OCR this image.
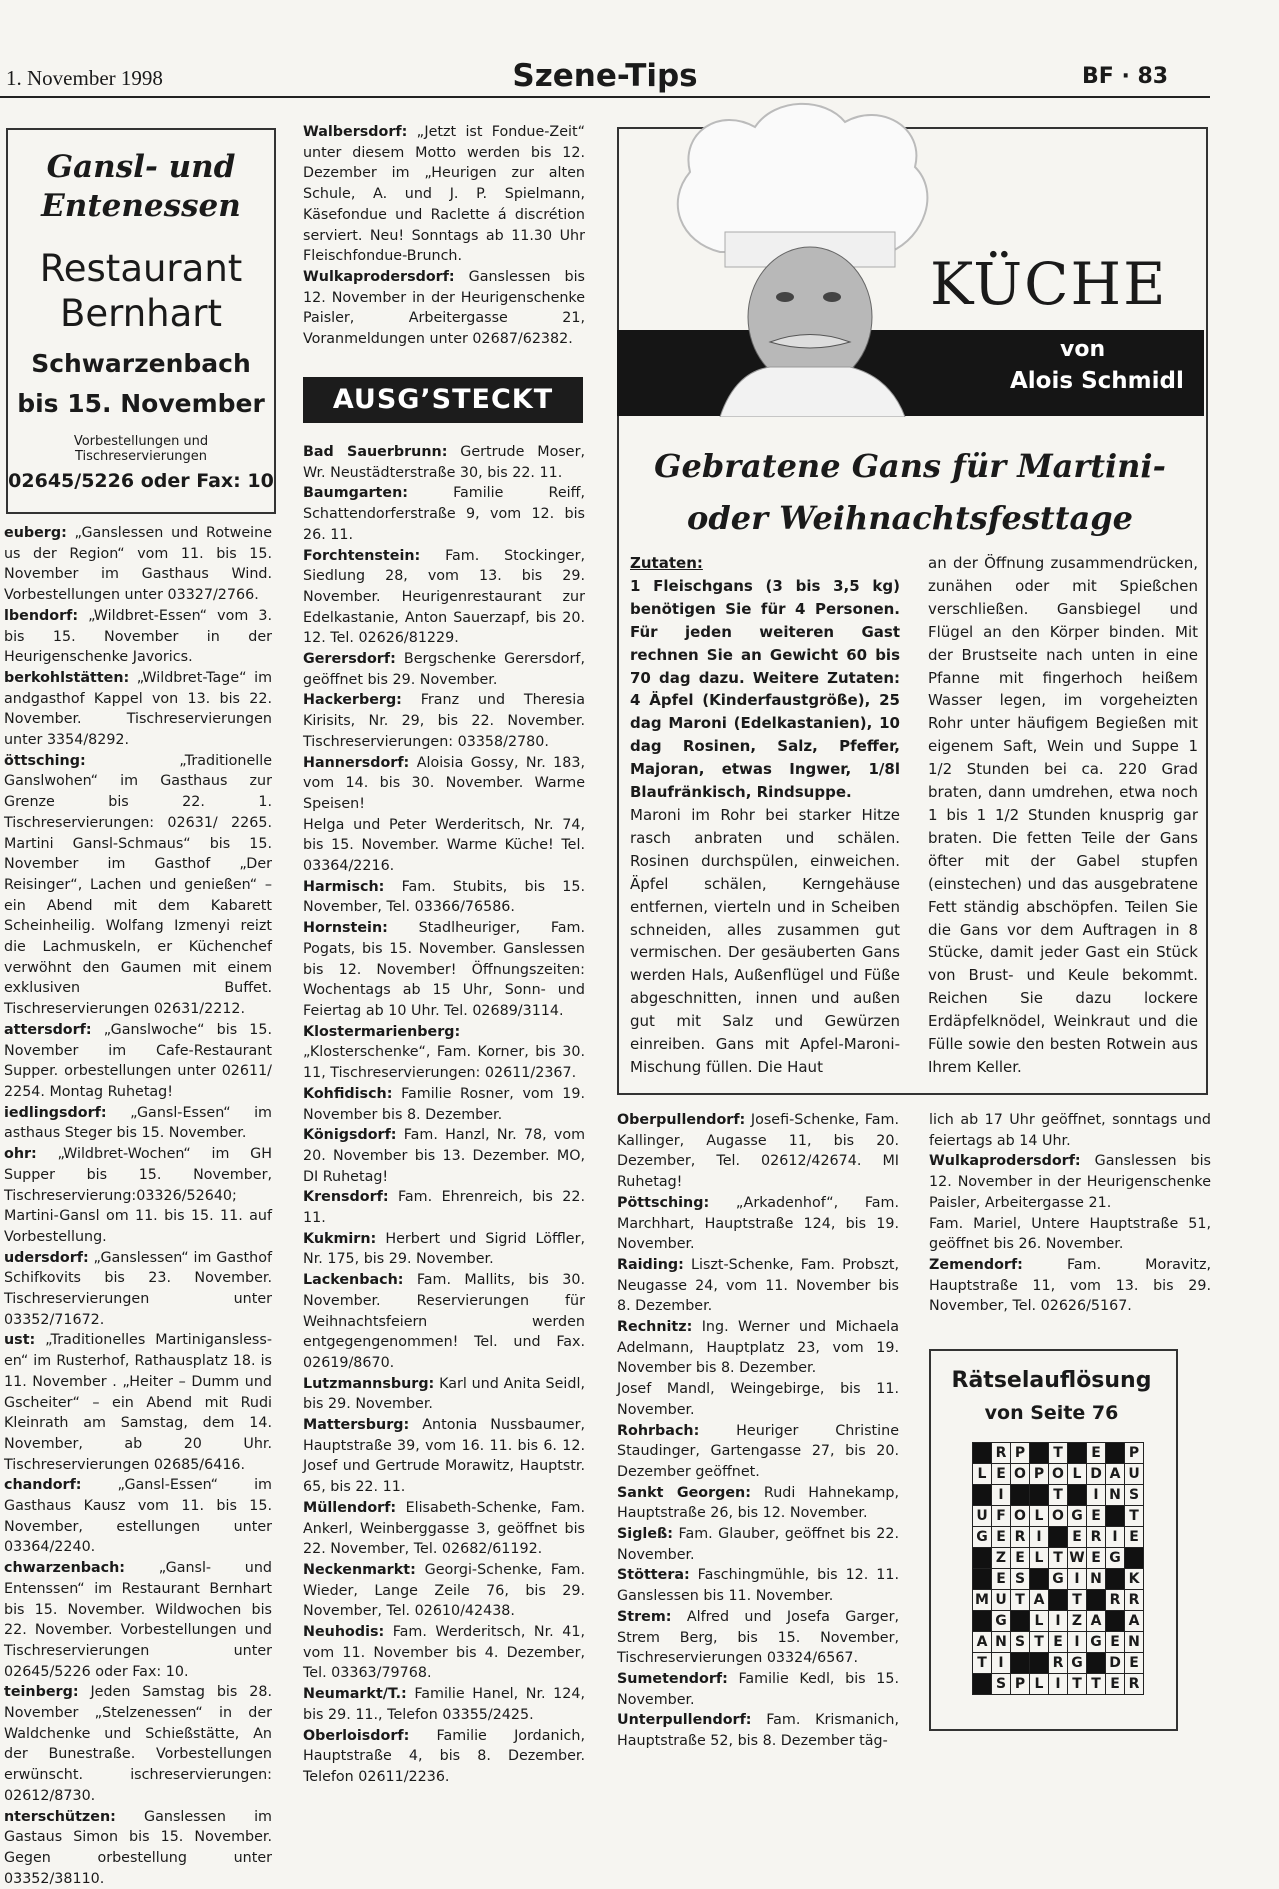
1. November 1998	Szene-Tips	BF · 83
Gansl- und
Entenessen
Restaurant
Bernhart
Schwarzenbach
bis 15. November
Vorbestellungen und Tischreservierungen
02645/5226 oder Fax: 10

euberg: „Ganslessen und Rotweine us der Region“ vom 11. bis 15. November im Gasthaus Wind. Vorbestellungen unter 03327/2766.

lbendorf: „Wildbret-Essen“ vom 3. bis 15. November in der Heurigenschenke Javorics.

berkohlstätten: „Wildbret-Tage“ im andgasthof Kappel von 13. bis 22. November. Tischreservierungen unter 3354/8292.

öttsching: „Traditionelle Ganslwohen“ im Gasthaus zur Grenze bis 22. 1. Tischreservierungen: 02631/ 2265. Martini Gansl-Schmaus“ bis 15. November im Gasthof „Der Reisinger“, Lachen und genießen“ – ein Abend mit dem Kabarett Scheinheilig. Wolfang Izmenyi reizt die Lachmuskeln, er Küchenchef verwöhnt den Gaumen mit einem exklusiven Buffet. Tischreservierungen 02631/2212.

attersdorf: „Ganslwoche“ bis 15. November im Cafe-Restaurant Supper. orbestellungen unter 02611/ 2254. Montag Ruhetag!

iedlingsdorf: „Gansl-Essen“ im asthaus Steger bis 15. November.

ohr: „Wildbret-Wochen“ im GH Supper bis 15. November, Tischreservierung:03326/52640; Martini-Gansl om 11. bis 15. 11. auf Vorbestellung.

udersdorf: „Ganslessen“ im Gasthof Schifkovits bis 23. November. Tischreservierungen unter 03352/71672.

ust: „Traditionelles Martinigansless-en“ im Rusterhof, Rathausplatz 18. is 11. November . „Heiter – Dumm und Gscheiter“ – ein Abend mit Rudi Kleinrath am Samstag, dem 14. November, ab 20 Uhr. Tischreservierungen 02685/6416.

chandorf: „Gansl-Essen“ im Gasthaus Kausz vom 11. bis 15. November, estellungen unter 03364/2240.

chwarzenbach: „Gansl- und Entenssen“ im Restaurant Bernhart bis 15. November. Wildwochen bis 22. November. Vorbestellungen und Tischreservierungen unter 02645/5226 oder Fax: 10.

teinberg: Jeden Samstag bis 28. November „Stelzenessen“ in der Waldchenke und Schießstätte, An der Bunestraße. Vorbestellungen erwünscht. ischreservierungen: 02612/8730.

nterschützen: Ganslessen im Gastaus Simon bis 15. November. Gegen orbestellung unter 03352/38110.

Walbersdorf: „Jetzt ist Fondue-Zeit“ unter diesem Motto werden bis 12. Dezember im „Heurigen zur alten Schule, A. und J. P. Spielmann, Käsefondue und Raclette á discrétion serviert. Neu! Sonntags ab 11.30 Uhr Fleischfondue-Brunch.

Wulkaprodersdorf: Ganslessen bis 12. November in der Heurigenschenke Paisler, Arbeitergasse 21, Voranmeldungen unter 02687/62382.

AUSG’STECKT

Bad Sauerbrunn: Gertrude Moser, Wr. Neustädterstraße 30, bis 22. 11.

Baumgarten: Familie Reiff, Schattendorferstraße 9, vom 12. bis 26. 11.

Forchtenstein: Fam. Stockinger, Siedlung 28, vom 13. bis 29. November. Heurigenrestaurant zur Edelkastanie, Anton Sauerzapf, bis 20. 12. Tel. 02626/81229.

Gerersdorf: Bergschenke Gerersdorf, geöffnet bis 29. November.

Hackerberg: Franz und Theresia Kirisits, Nr. 29, bis 22. November. Tischreservierungen: 03358/2780.

Hannersdorf: Aloisia Gossy, Nr. 183, vom 14. bis 30. November. Warme Speisen!

Helga und Peter Werderitsch, Nr. 74, bis 15. November. Warme Küche! Tel. 03364/2216.

Harmisch: Fam. Stubits, bis 15. November, Tel. 03366/76586.

Hornstein: Stadlheuriger, Fam. Pogats, bis 15. November. Ganslessen bis 12. November! Öffnungszeiten: Wochentags ab 15 Uhr, Sonn- und Feiertag ab 10 Uhr. Tel. 02689/3114.

Klostermarienberg: „Klosterschenke“, Fam. Korner, bis 30. 11, Tischreservierungen: 02611/2367.

Kohfidisch: Familie Rosner, vom 19. November bis 8. Dezember.

Königsdorf: Fam. Hanzl, Nr. 78, vom 20. November bis 13. Dezember. MO, DI Ruhetag!

Krensdorf: Fam. Ehrenreich, bis 22. 11.

Kukmirn: Herbert und Sigrid Löffler, Nr. 175, bis 29. November.

Lackenbach: Fam. Mallits, bis 30. November. Reservierungen für Weihnachtsfeiern werden entgegengenommen! Tel. und Fax. 02619/8670.

Lutzmannsburg: Karl und Anita Seidl, bis 29. November.

Mattersburg: Antonia Nussbaumer, Hauptstraße 39, vom 16. 11. bis 6. 12. Josef und Gertrude Morawitz, Hauptstr. 65, bis 22. 11.

Müllendorf: Elisabeth-Schenke, Fam. Ankerl, Weinberggasse 3, geöffnet bis 22. November, Tel. 02682/61192.

Neckenmarkt: Georgi-Schenke, Fam. Wieder, Lange Zeile 76, bis 29. November, Tel. 02610/42438.

Neuhodis: Fam. Werderitsch, Nr. 41, vom 11. November bis 4. Dezember, Tel. 03363/79768.

Neumarkt/T.: Familie Hanel, Nr. 124, bis 29. 11., Telefon 03355/2425.

Oberloisdorf: Familie Jordanich, Hauptstraße 4, bis 8. Dezember. Telefon 02611/2236.

KÜCHE
von
Alois Schmidl
Gebratene Gans für Martini-
oder Weihnachtsfesttage

Zutaten:

1 Fleischgans (3 bis 3,5 kg) benötigen Sie für 4 Personen. Für jeden weiteren Gast rechnen Sie an Gewicht 60 bis 70 dag dazu. Weitere Zutaten: 4 Äpfel (Kinderfaustgröße), 25 dag Maroni (Edelkastanien), 10 dag Rosinen, Salz, Pfeffer, Majoran, etwas Ingwer, 1/8l Blaufränkisch, Rindsuppe.

Maroni im Rohr bei starker Hitze rasch anbraten und schälen. Rosinen durchspülen, einweichen. Äpfel schälen, Kerngehäuse entfernen, vierteln und in Scheiben schneiden, alles zusammen gut vermischen. Der gesäuberten Gans werden Hals, Außenflügel und Füße abgeschnitten, innen und außen gut mit Salz und Gewürzen einreiben. Gans mit Apfel-Maroni-Mischung füllen. Die Haut

an der Öffnung zusammendrücken, zunähen oder mit Spießchen verschließen. Gansbiegel und Flügel an den Körper binden. Mit der Brustseite nach unten in eine Pfanne mit fingerhoch heißem Wasser legen, im vorgeheizten Rohr unter häufigem Begießen mit eigenem Saft, Wein und Suppe 1 1/2 Stunden bei ca. 220 Grad braten, dann umdrehen, etwa noch 1 bis 1 1/2 Stunden knusprig gar braten. Die fetten Teile der Gans öfter mit der Gabel stupfen (einstechen) und das ausgebratene Fett ständig abschöpfen. Teilen Sie die Gans vor dem Auftragen in 8 Stücke, damit jeder Gast ein Stück von Brust- und Keule bekommt. Reichen Sie dazu lockere Erdäpfelknödel, Weinkraut und die Fülle sowie den besten Rotwein aus Ihrem Keller.

Oberpullendorf: Josefi-Schenke, Fam. Kallinger, Augasse 11, bis 20. Dezember, Tel. 02612/42674. MI Ruhetag!

Pöttsching: „Arkadenhof“, Fam. Marchhart, Hauptstraße 124, bis 19. November.

Raiding: Liszt-Schenke, Fam. Probszt, Neugasse 24, vom 11. November bis 8. Dezember.

Rechnitz: Ing. Werner und Michaela Adelmann, Hauptplatz 23, vom 19. November bis 8. Dezember.

Josef Mandl, Weingebirge, bis 11. November.

Rohrbach: Heuriger Christine Staudinger, Gartengasse 27, bis 20. Dezember geöffnet.

Sankt Georgen: Rudi Hahnekamp, Hauptstraße 26, bis 12. November.

Sigleß: Fam. Glauber, geöffnet bis 22. November.

Stöttera: Faschingmühle, bis 12. 11. Ganslessen bis 11. November.

Strem: Alfred und Josefa Garger, Strem Berg, bis 15. November, Tischreservierungen 03324/6567.

Sumetendorf: Familie Kedl, bis 15. November.

Unterpullendorf: Fam. Krismanich, Hauptstraße 52, bis 8. Dezember täg-

lich ab 17 Uhr geöffnet, sonntags und feiertags ab 14 Uhr.

Wulkaprodersdorf: Ganslessen bis 12. November in der Heurigenschenke Paisler, Arbeitergasse 21.

Fam. Mariel, Untere Hauptstraße 51, geöffnet bis 26. November.

Zemendorf: Fam. Moravitz, Hauptstraße 11, vom 13. bis 29. November, Tel. 02626/5167.

Rätselauflösung
von Seite 76
	R	P		T		E		P
L	E	O	P	O	L	D	A	U
	I			T		I	N	S
U	F	O	L	O	G	E		T
G	E	R	I		E	R	I	E
	Z	E	L	T	W	E	G	
	E	S		G	I	N		K
M	U	T	A		T		R	R
	G		L	I	Z	A		A
A	N	S	T	E	I	G	E	N
T	I			R	G		D	E
	S	P	L	I	T	T	E	R
